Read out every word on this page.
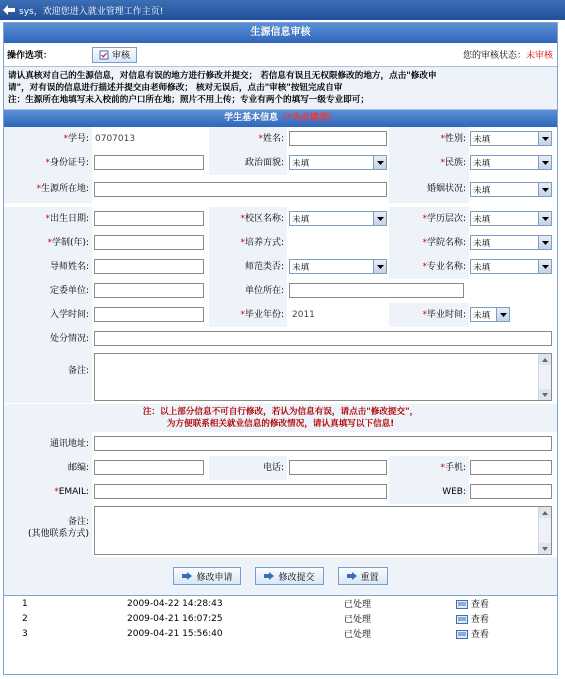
sys，欢迎您进入就业管理工作主页!
生源信息审核
操作选项：	审核	您的审核状态：未审核
请认真核对自己的生源信息，对信息有误的地方进行修改并提交； 若信息有误且无权限修改的地方，点击"修改申
请"，对有误的信息进行描述并提交由老师修改； 核对无误后，点击"审核"按钮完成自审
注：生源所在地填写未入校前的户口所在地；照片不用上传；专业有两个的填写一级专业即可；
学生基本信息（*为必填项）
*学号: 0707013	*姓名:	*性别: 未填
*身份证号:	政治面貌: 未填	*民族: 未填
*生源所在地:	婚姻状况: 未填
*出生日期:	*校区名称: 未填	*学历层次: 未填
*学制(年):	*培养方式:	*学院名称: 未填
导师姓名:	师范类否: 未填	*专业名称: 未填
定委单位:	单位所在:
入学时间:	*毕业年份: 2011	*毕业时间: 未填
处分情况:
备注:
注：以上部分信息不可自行修改，若认为信息有误，请点击"修改提交"，
为方便联系相关就业信息的修改情况，请认真填写以下信息!
通讯地址:
邮编:	电话:	*手机:
*EMAIL:	WEB:
备注:
(其他联系方式)
修改申请	修改提交	重置
1	2009-04-22 14:28:43	已处理	查看
2	2009-04-21 16:07:25	已处理	查看
3	2009-04-21 15:56:40	已处理	查看
